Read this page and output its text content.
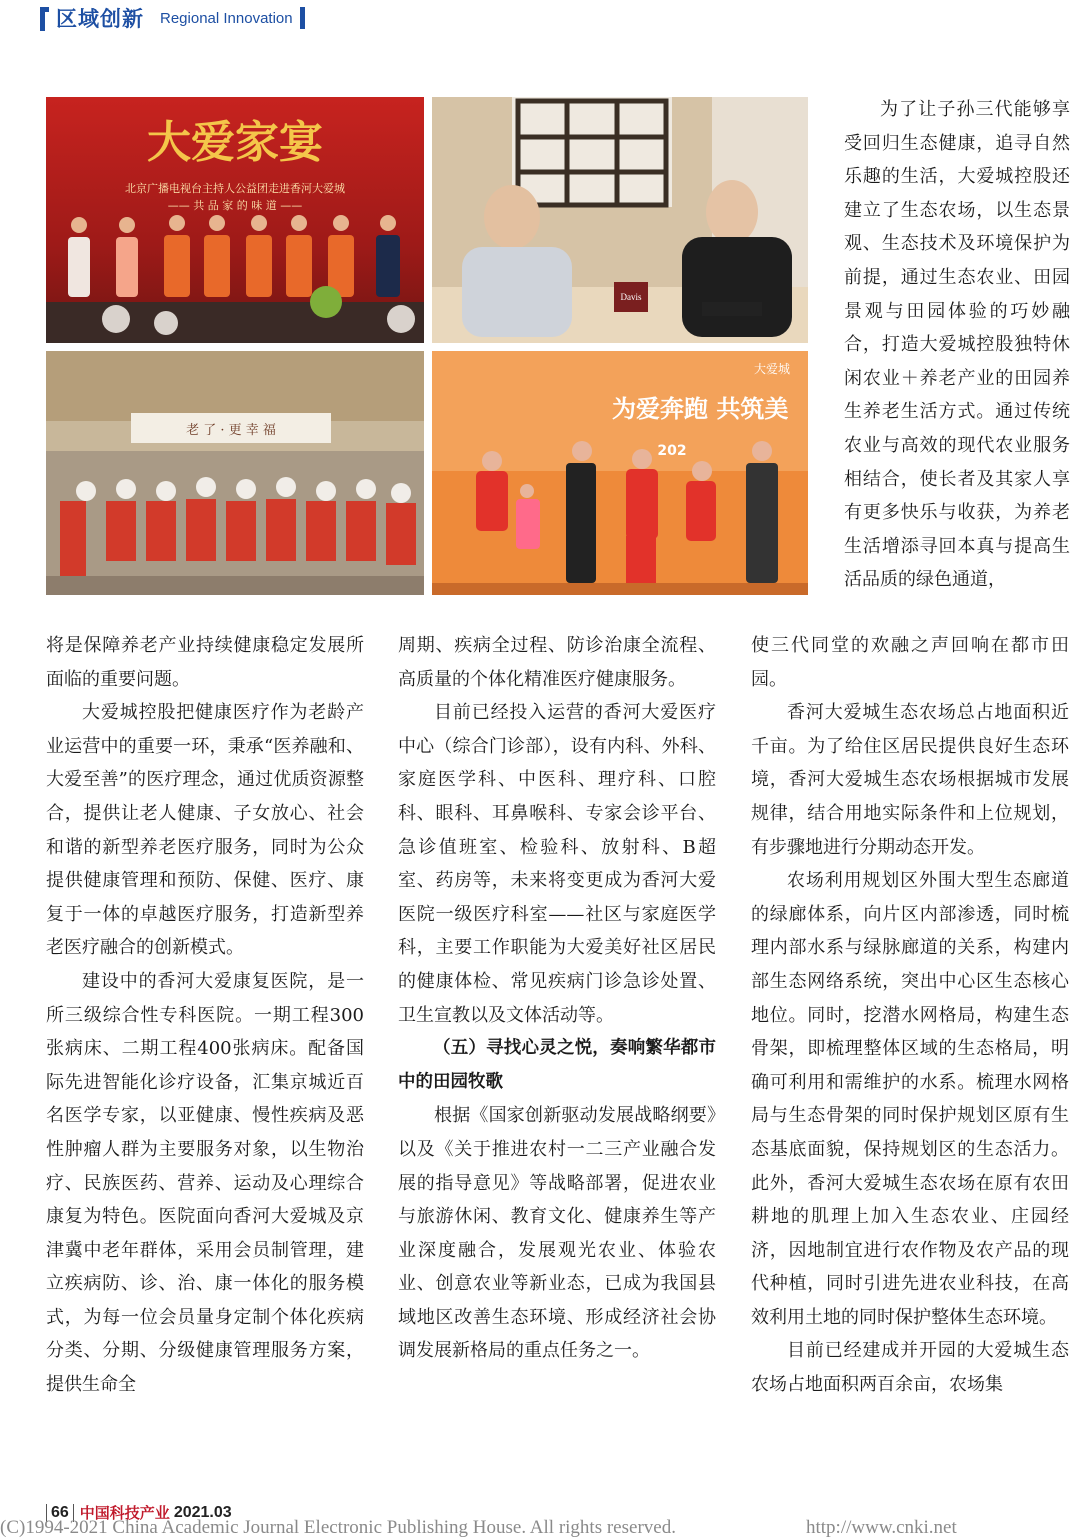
区域创新 Regional Innovation
大爱家宴
北京广播电视台主持人公益团走进香河大爱城
—— 共 品 家 的 味 道 ——
Davis
老 了 · 更 幸 福
为爱奔跑 共筑美
大爱城
202

为了让子孙三代能够享受回归生态健康，追寻自然乐趣的生活，大爱城控股还建立了生态农场，以生态景观、生态技术及环境保护为前提，通过生态农业、田园景观与田园体验的巧妙融合，打造大爱城控股独特休闲农业＋养老产业的田园养生养老生活方式。通过传统农业与高效的现代农业服务相结合，使长者及其家人享有更多快乐与收获，为养老生活增添寻回本真与提高生活品质的绿色通道，

将是保障养老产业持续健康稳定发展所面临的重要问题。

大爱城控股把健康医疗作为老龄产业运营中的重要一环，秉承“医养融和、大爱至善”的医疗理念，通过优质资源整合，提供让老人健康、子女放心、社会和谐的新型养老医疗服务，同时为公众提供健康管理和预防、保健、医疗、康复于一体的卓越医疗服务，打造新型养老医疗融合的创新模式。

建设中的香河大爱康复医院，是一所三级综合性专科医院。一期工程300张病床、二期工程400张病床。配备国际先进智能化诊疗设备，汇集京城近百名医学专家，以亚健康、慢性疾病及恶性肿瘤人群为主要服务对象，以生物治疗、民族医药、营养、运动及心理综合康复为特色。医院面向香河大爱城及京津冀中老年群体，采用会员制管理，建立疾病防、诊、治、康一体化的服务模式，为每一位会员量身定制个体化疾病分类、分期、分级健康管理服务方案，提供生命全

周期、疾病全过程、防诊治康全流程、高质量的个体化精准医疗健康服务。

目前已经投入运营的香河大爱医疗中心（综合门诊部），设有内科、外科、家庭医学科、中医科、理疗科、口腔科、眼科、耳鼻喉科、专家会诊平台、急诊值班室、检验科、放射科、B超室、药房等，未来将变更成为香河大爱医院一级医疗科室——社区与家庭医学科，主要工作职能为大爱美好社区居民的健康体检、常见疾病门诊急诊处置、卫生宣教以及文体活动等。

（五）寻找心灵之悦，奏响繁华都市中的田园牧歌

根据《国家创新驱动发展战略纲要》以及《关于推进农村一二三产业融合发展的指导意见》等战略部署，促进农业与旅游休闲、教育文化、健康养生等产业深度融合，发展观光农业、体验农业、创意农业等新业态，已成为我国县域地区改善生态环境、形成经济社会协调发展新格局的重点任务之一。

使三代同堂的欢融之声回响在都市田园。

香河大爱城生态农场总占地面积近千亩。为了给住区居民提供良好生态环境，香河大爱城生态农场根据城市发展规律，结合用地实际条件和上位规划，有步骤地进行分期动态开发。

农场利用规划区外围大型生态廊道的绿廊体系，向片区内部渗透，同时梳理内部水系与绿脉廊道的关系，构建内部生态网络系统，突出中心区生态核心地位。同时，挖潜水网格局，构建生态骨架，即梳理整体区域的生态格局，明确可利用和需维护的水系。梳理水网格局与生态骨架的同时保护规划区原有生态基底面貌，保持规划区的生态活力。此外，香河大爱城生态农场在原有农田耕地的肌理上加入生态农业、庄园经济，因地制宜进行农作物及农产品的现代种植，同时引进先进农业科技，在高效利用土地的同时保护整体生态环境。

目前已经建成并开园的大爱城生态农场占地面积两百余亩，农场集

66 中国科技产业 2021.03
(C)1994-2021 China Academic Journal Electronic Publishing House. All rights reserved.	http://www.cnki.net
